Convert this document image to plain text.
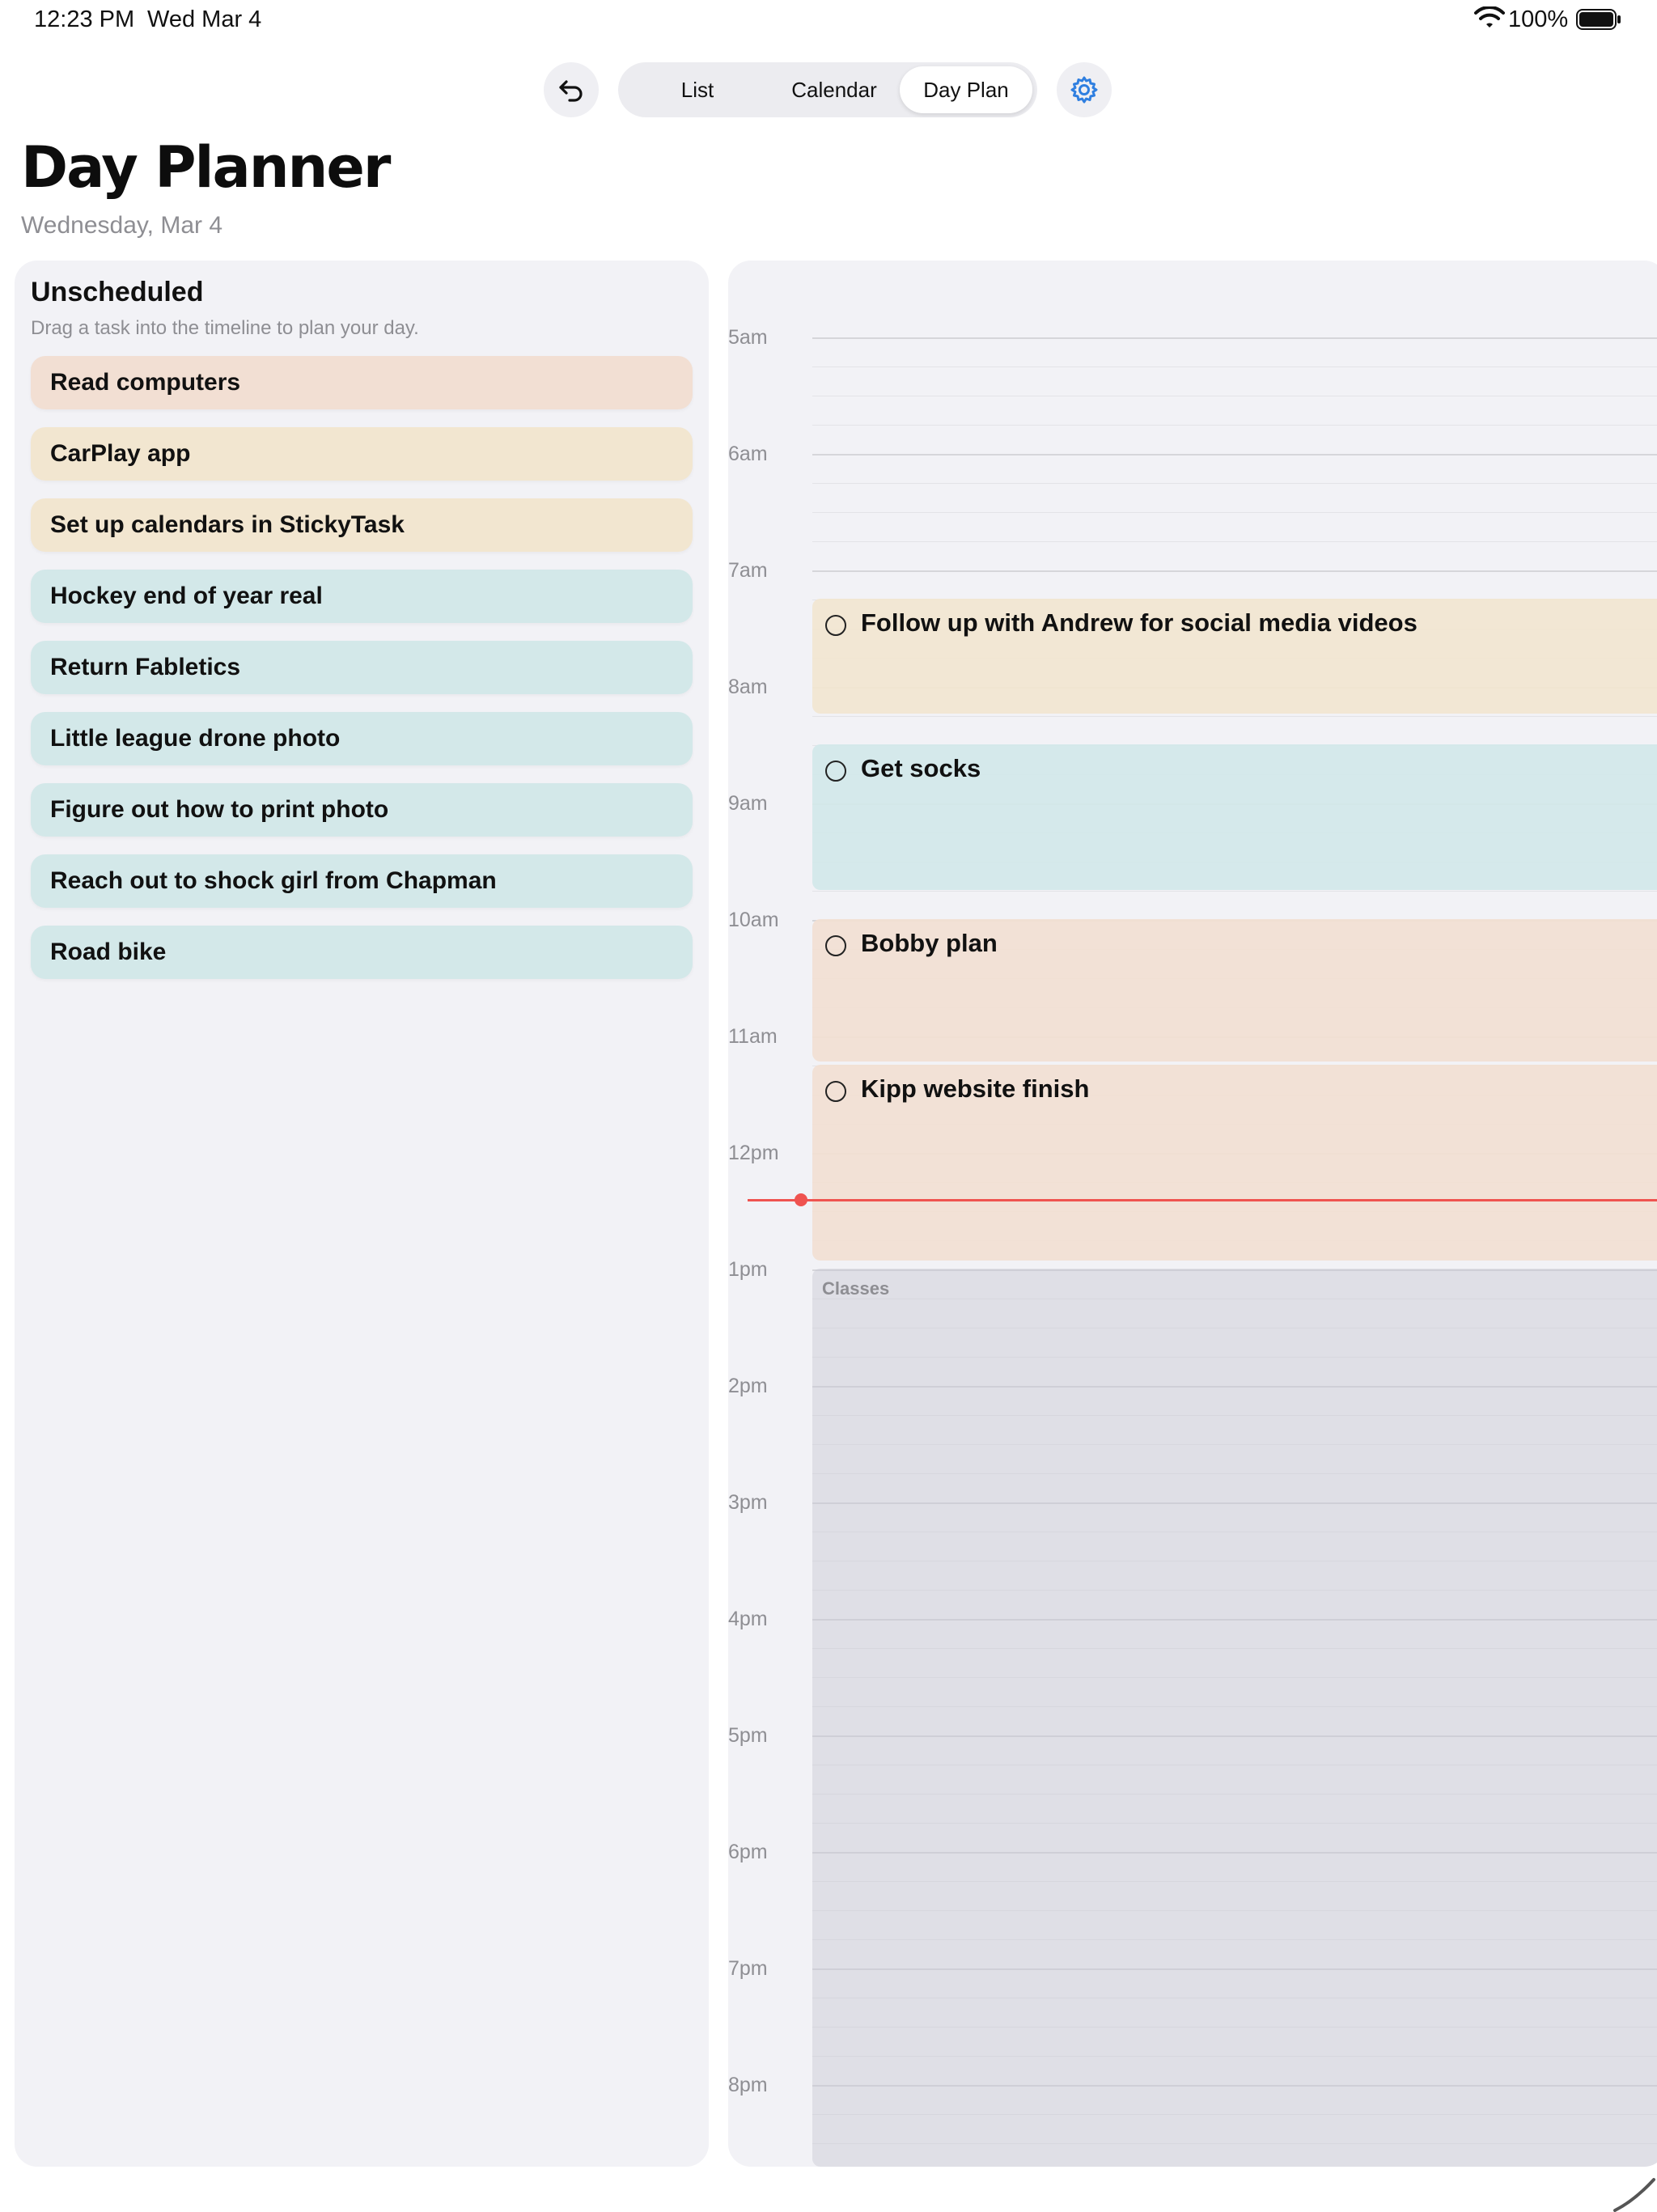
12:23 PM Wed Mar 4	100%
List	Calendar	Day Plan
Day Planner
Wednesday, Mar 4
Unscheduled
Drag a task into the timeline to plan your day.
Read computers
CarPlay app
Set up calendars in StickyTask
Hockey end of year real
Return Fabletics
Little league drone photo
Figure out how to print photo
Reach out to shock girl from Chapman
Road bike
5am
6am
7am
8am
9am
10am
11am
12pm
1pm
2pm
3pm
4pm
5pm
6pm
7pm
8pm
Follow up with Andrew for social media videos
Get socks
Bobby plan
Kipp website finish
Classes
